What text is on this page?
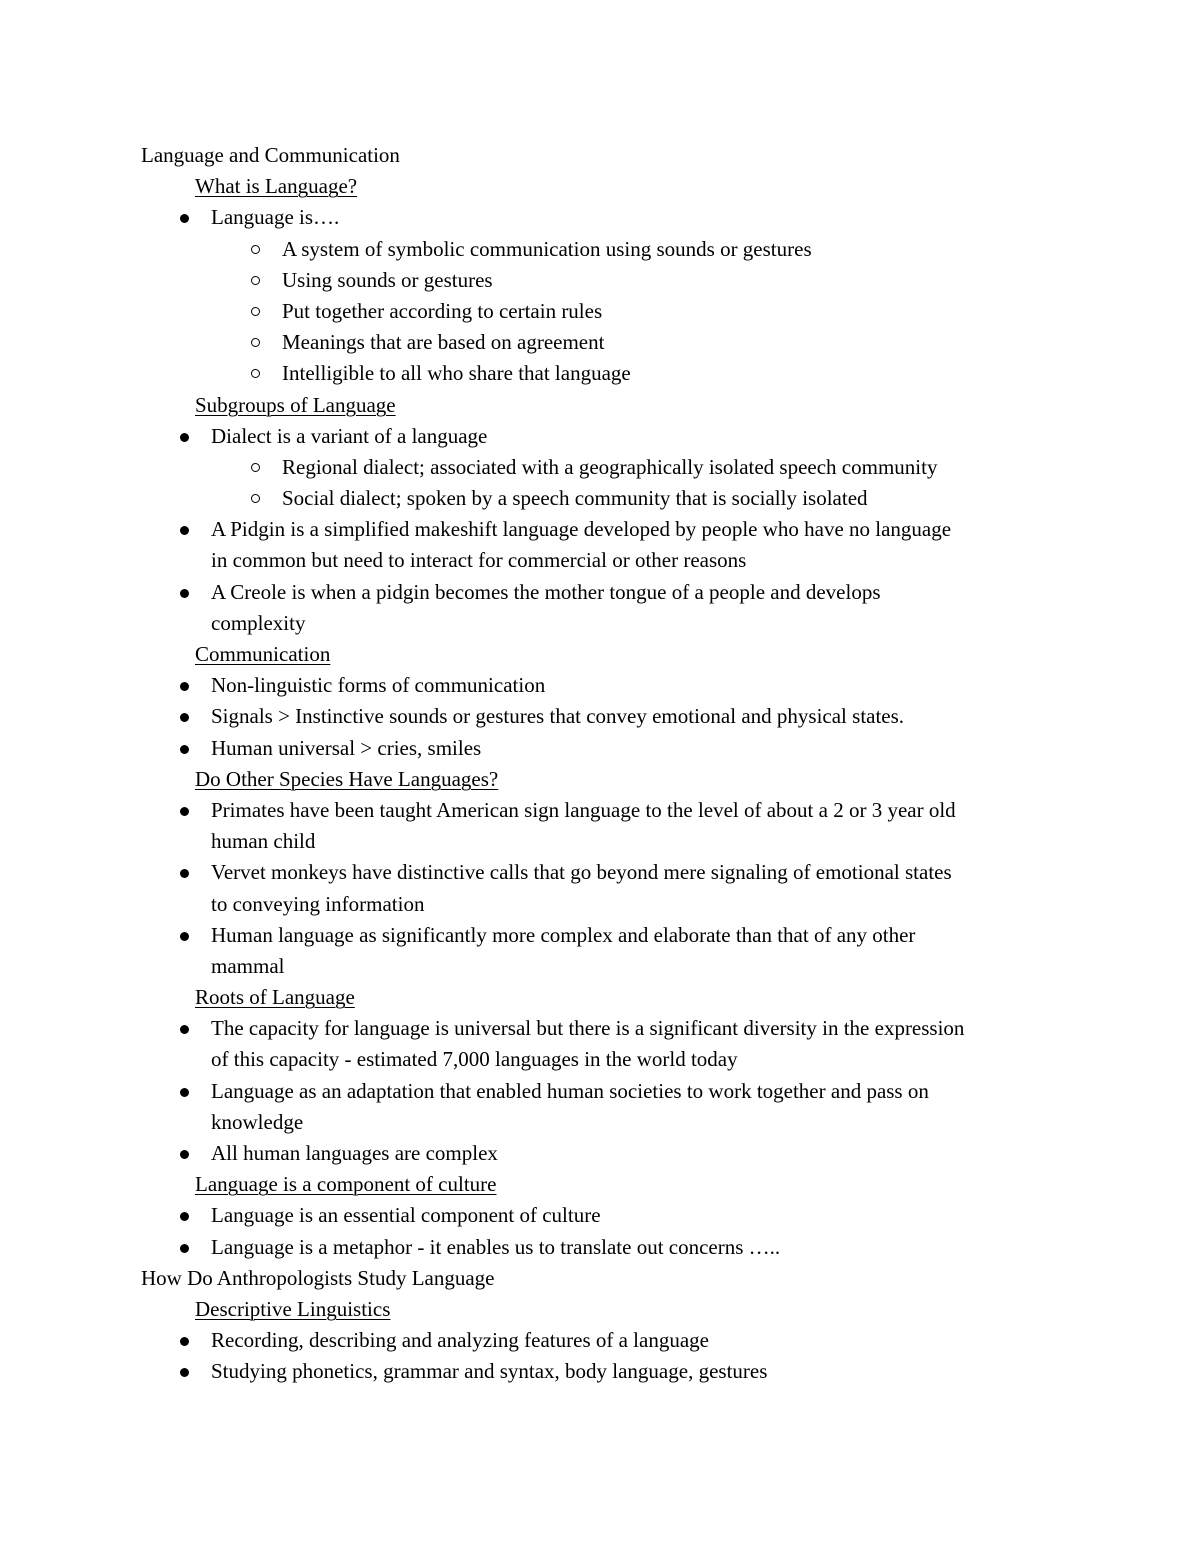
Language and Communication
What is Language?
Language is….
A system of symbolic communication using sounds or gestures
Using sounds or gestures
Put together according to certain rules
Meanings that are based on agreement
Intelligible to all who share that language
Subgroups of Language
Dialect is a variant of a language
Regional dialect; associated with a geographically isolated speech community
Social dialect; spoken by a speech community that is socially isolated
A Pidgin is a simplified makeshift language developed by people who have no language
in common but need to interact for commercial or other reasons
A Creole is when a pidgin becomes the mother tongue of a people and develops
complexity
Communication
Non-linguistic forms of communication
Signals > Instinctive sounds or gestures that convey emotional and physical states.
Human universal > cries, smiles
Do Other Species Have Languages?
Primates have been taught American sign language to the level of about a 2 or 3 year old
human child
Vervet monkeys have distinctive calls that go beyond mere signaling of emotional states
to conveying information
Human language as significantly more complex and elaborate than that of any other
mammal
Roots of Language
The capacity for language is universal but there is a significant diversity in the expression
of this capacity - estimated 7,000 languages in the world today
Language as an adaptation that enabled human societies to work together and pass on
knowledge
All human languages are complex
Language is a component of culture
Language is an essential component of culture
Language is a metaphor - it enables us to translate out concerns …..
How Do Anthropologists Study Language
Descriptive Linguistics
Recording, describing and analyzing features of a language
Studying phonetics, grammar and syntax, body language, gestures
